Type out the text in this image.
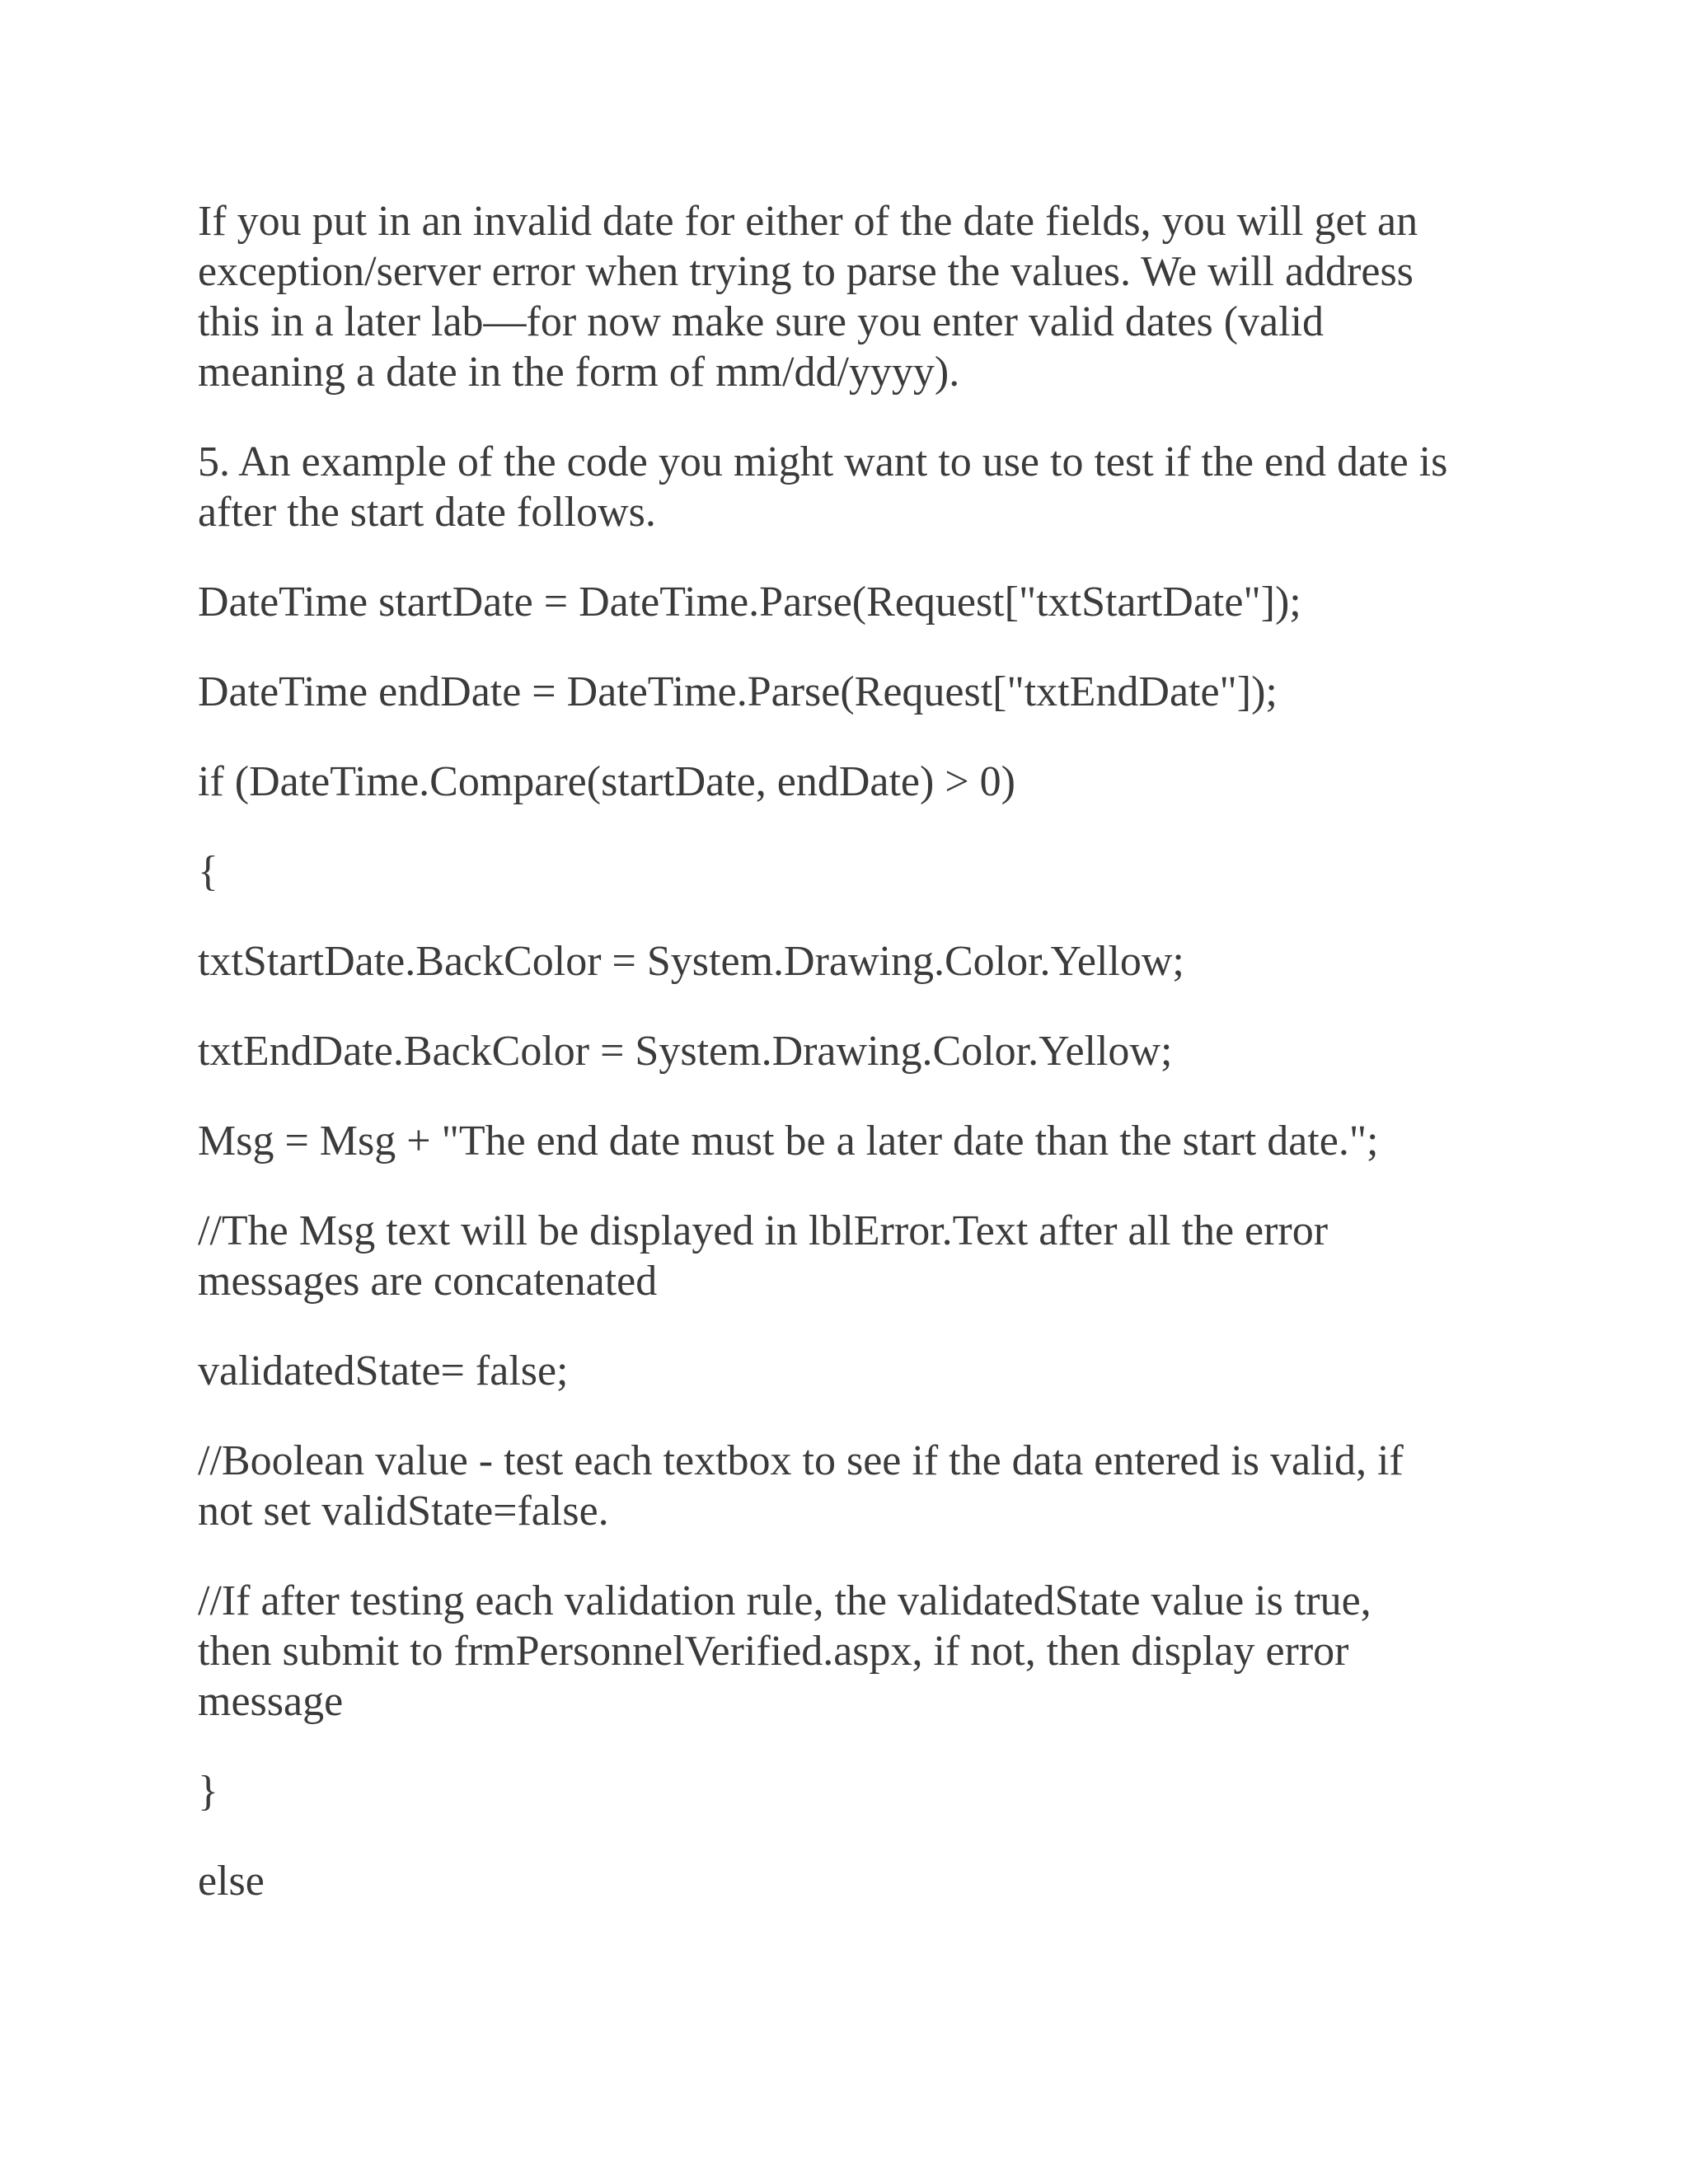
If you put in an invalid date for either of the date fields, you will get an
exception/server error when trying to parse the values. We will address
this in a later lab—for now make sure you enter valid dates (valid
meaning a date in the form of mm/dd/yyyy).

5. An example of the code you might want to use to test if the end date is
after the start date follows.

DateTime startDate = DateTime.Parse(Request["txtStartDate"]);

DateTime endDate = DateTime.Parse(Request["txtEndDate"]);

if (DateTime.Compare(startDate, endDate) > 0)

{

txtStartDate.BackColor = System.Drawing.Color.Yellow;

txtEndDate.BackColor = System.Drawing.Color.Yellow;

Msg = Msg + "The end date must be a later date than the start date.";

//The Msg text will be displayed in lblError.Text after all the error
messages are concatenated

validatedState= false;

//Boolean value - test each textbox to see if the data entered is valid, if
not set validState=false.

//If after testing each validation rule, the validatedState value is true,
then submit to frmPersonnelVerified.aspx, if not, then display error
message

}

else
